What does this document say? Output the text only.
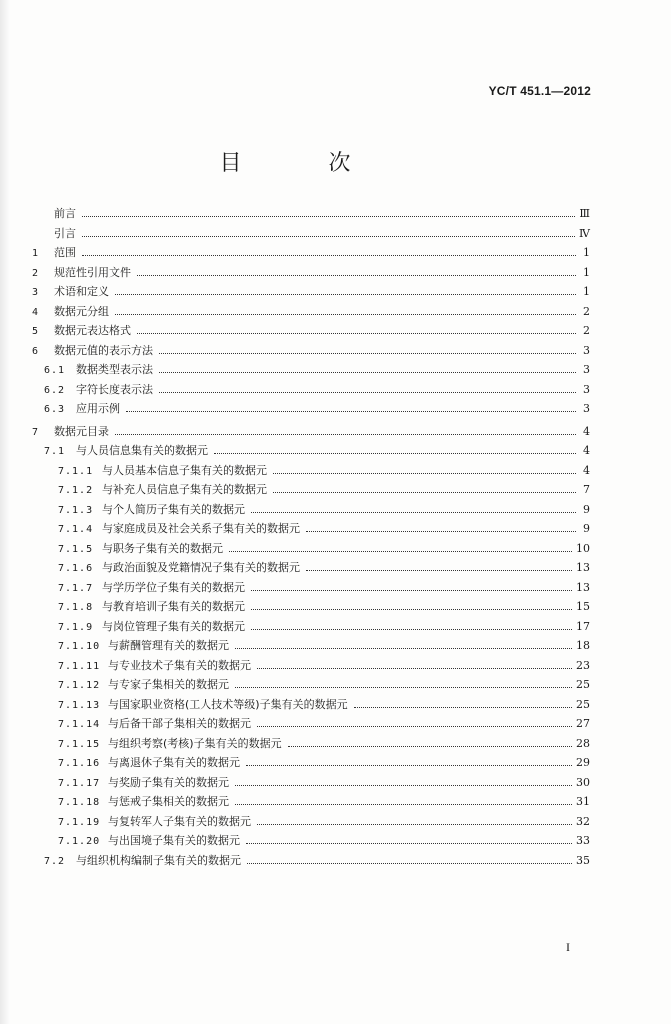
YC/T 451.1—2012
目 次
前言	Ⅲ
引言	Ⅳ
1	范围	1
2	规范性引用文件	1
3	术语和定义	1
4	数据元分组	2
5	数据元表达格式	2
6	数据元值的表示方法	3
6.1 数据类型表示法	3
6.2 字符长度表示法	3
6.3 应用示例	3
7	数据元目录	4
7.1 与人员信息集有关的数据元	4
7.1.1 与人员基本信息子集有关的数据元	4
7.1.2 与补充人员信息子集有关的数据元	7
7.1.3 与个人简历子集有关的数据元	9
7.1.4 与家庭成员及社会关系子集有关的数据元	9
7.1.5 与职务子集有关的数据元	10
7.1.6 与政治面貌及党籍情况子集有关的数据元	13
7.1.7 与学历学位子集有关的数据元	13
7.1.8 与教育培训子集有关的数据元	15
7.1.9 与岗位管理子集有关的数据元	17
7.1.10 与薪酬管理有关的数据元	18
7.1.11 与专业技术子集有关的数据元	23
7.1.12 与专家子集相关的数据元	25
7.1.13 与国家职业资格(工人技术等级)子集有关的数据元	25
7.1.14 与后备干部子集相关的数据元	27
7.1.15 与组织考察(考核)子集有关的数据元	28
7.1.16 与离退休子集有关的数据元	29
7.1.17 与奖励子集有关的数据元	30
7.1.18 与惩戒子集相关的数据元	31
7.1.19 与复转军人子集有关的数据元	32
7.1.20 与出国境子集有关的数据元	33
7.2 与组织机构编制子集有关的数据元	35
I
